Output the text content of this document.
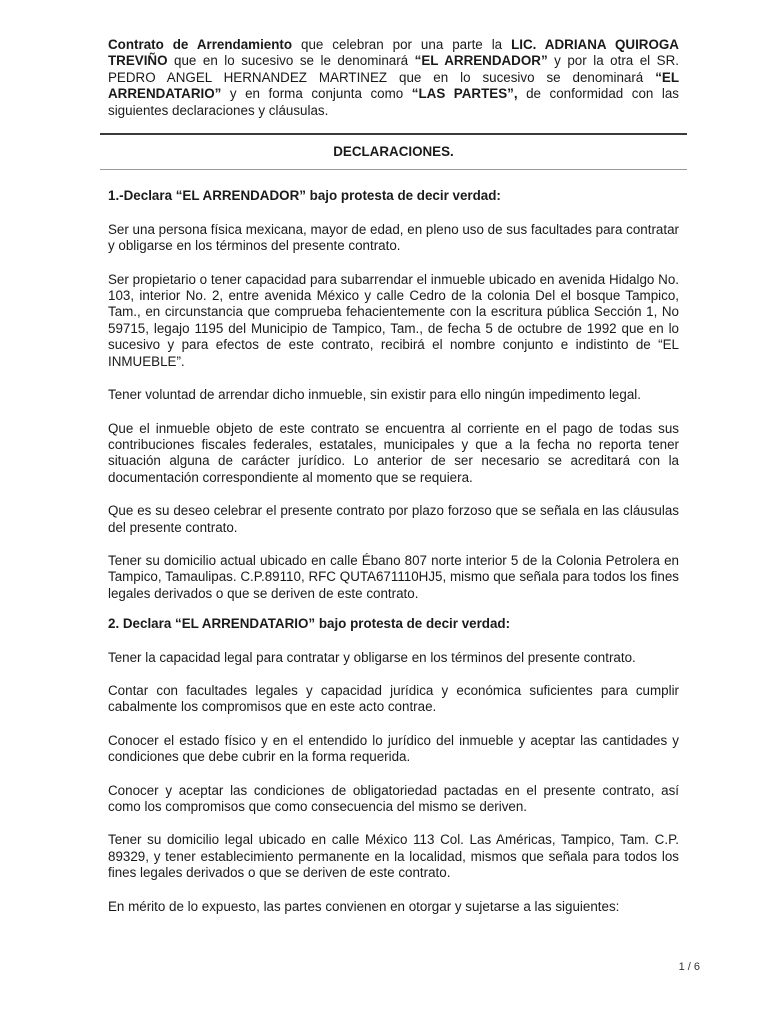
Contrato de Arrendamiento que celebran por una parte la LIC. ADRIANA QUIROGA TREVIÑO que en lo sucesivo se le denominará “EL ARRENDADOR” y por la otra el SR. PEDRO ANGEL HERNANDEZ MARTINEZ que en lo sucesivo se denominará “EL ARRENDATARIO” y en forma conjunta como “LAS PARTES”, de conformidad con las siguientes declaraciones y cláusulas.

DECLARACIONES.
1.-Declara “EL ARRENDADOR” bajo protesta de decir verdad:

Ser una persona física mexicana, mayor de edad, en pleno uso de sus facultades para contratar y obligarse en los términos del presente contrato.

Ser propietario o tener capacidad para subarrendar el inmueble ubicado en avenida Hidalgo No. 103, interior No. 2, entre avenida México y calle Cedro de la colonia Del el bosque Tampico, Tam., en circunstancia que comprueba fehacientemente con la escritura pública Sección 1, No 59715, legajo 1195 del Municipio de Tampico, Tam., de fecha 5 de octubre de 1992 que en lo sucesivo y para efectos de este contrato, recibirá el nombre conjunto e indistinto de “EL INMUEBLE”.

Tener voluntad de arrendar dicho inmueble, sin existir para ello ningún impedimento legal.

Que el inmueble objeto de este contrato se encuentra al corriente en el pago de todas sus contribuciones fiscales federales, estatales, municipales y que a la fecha no reporta tener situación alguna de carácter jurídico. Lo anterior de ser necesario se acreditará con la documentación correspondiente al momento que se requiera.

Que es su deseo celebrar el presente contrato por plazo forzoso que se señala en las cláusulas del presente contrato.

Tener su domicilio actual ubicado en calle Ébano 807 norte interior 5 de la Colonia Petrolera en Tampico, Tamaulipas. C.P.89110, RFC QUTA671110HJ5, mismo que señala para todos los fines legales derivados o que se deriven de este contrato.

2. Declara “EL ARRENDATARIO” bajo protesta de decir verdad:

Tener la capacidad legal para contratar y obligarse en los términos del presente contrato.

Contar con facultades legales y capacidad jurídica y económica suficientes para cumplir cabalmente los compromisos que en este acto contrae.

Conocer el estado físico y en el entendido lo jurídico del inmueble y aceptar las cantidades y condiciones que debe cubrir en la forma requerida.

Conocer y aceptar las condiciones de obligatoriedad pactadas en el presente contrato, así como los compromisos que como consecuencia del mismo se deriven.

Tener su domicilio legal ubicado en calle México 113 Col. Las Américas, Tampico, Tam. C.P. 89329, y tener establecimiento permanente en la localidad, mismos que señala para todos los fines legales derivados o que se deriven de este contrato.

En mérito de lo expuesto, las partes convienen en otorgar y sujetarse a las siguientes:

1 / 6
